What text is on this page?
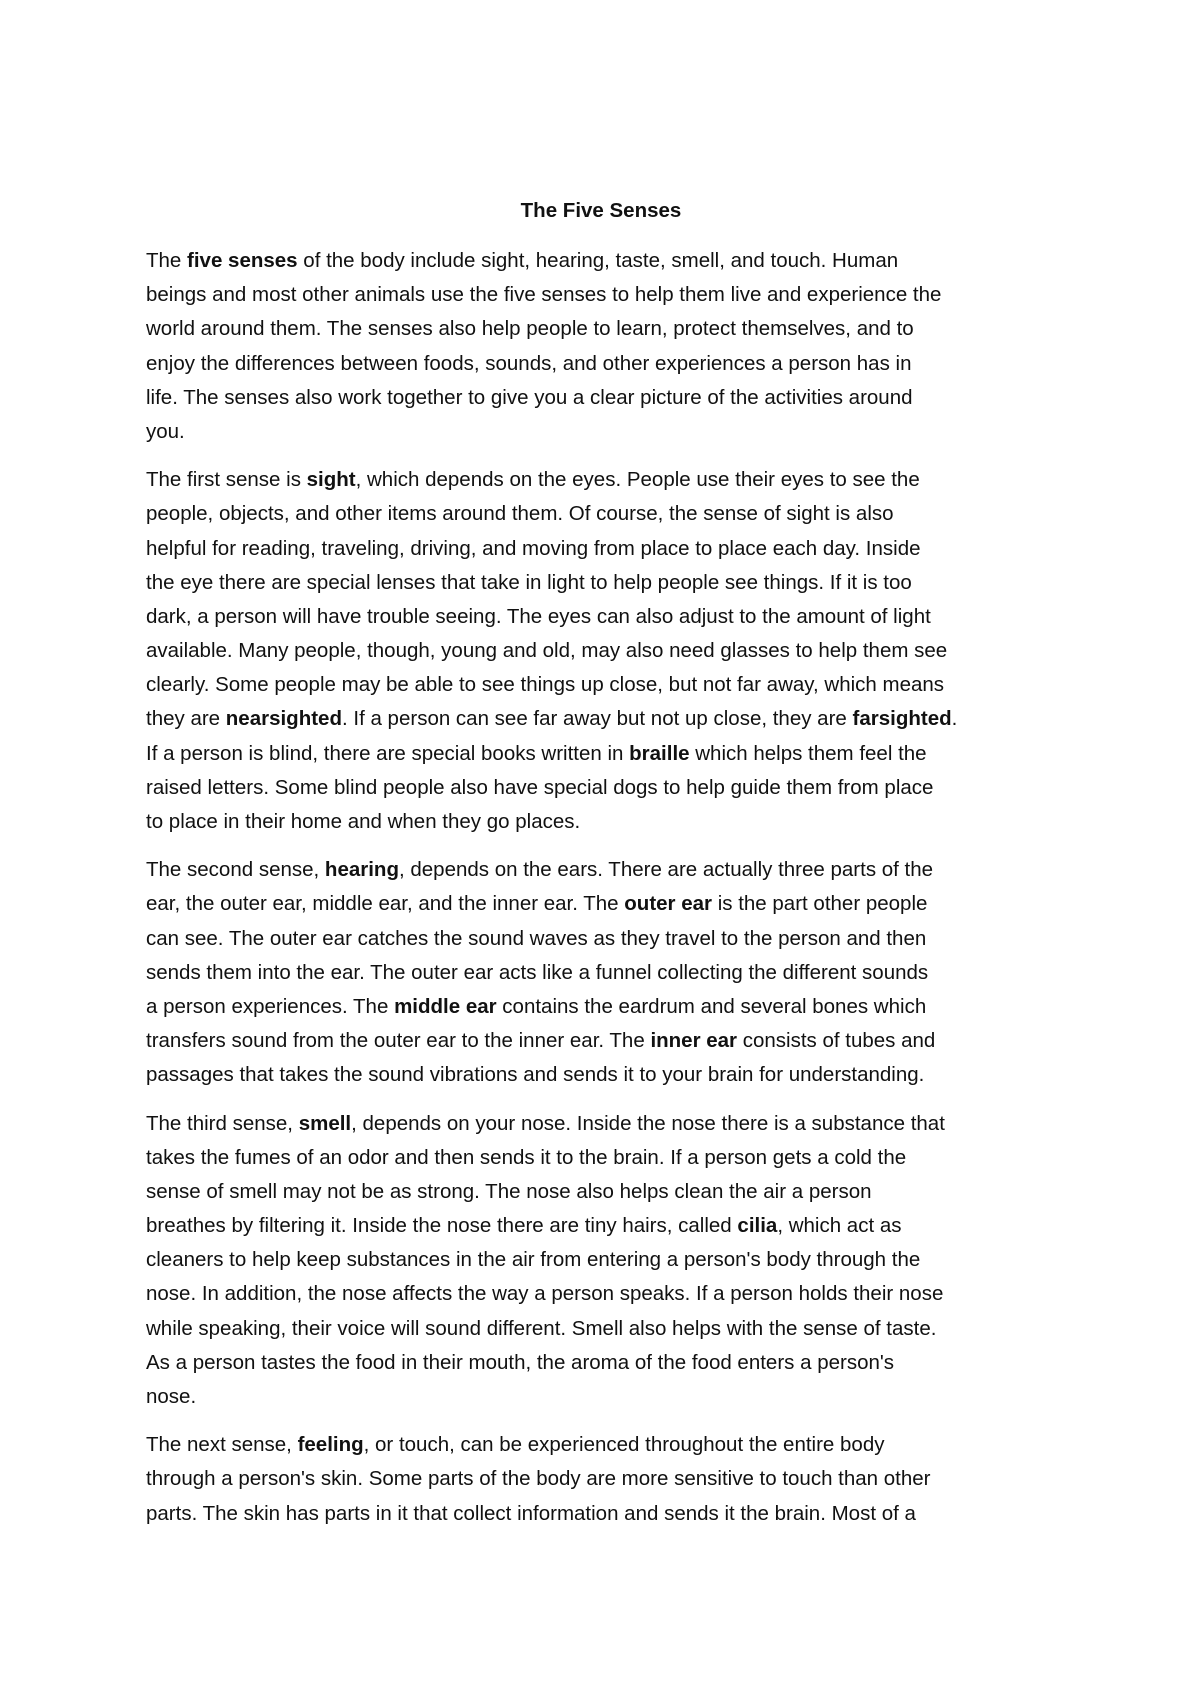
The Five Senses
The five senses of the body include sight, hearing, taste, smell, and touch. Human
beings and most other animals use the five senses to help them live and experience the
world around them. The senses also help people to learn, protect themselves, and to
enjoy the differences between foods, sounds, and other experiences a person has in
life. The senses also work together to give you a clear picture of the activities around
you.
The first sense is sight, which depends on the eyes. People use their eyes to see the
people, objects, and other items around them. Of course, the sense of sight is also
helpful for reading, traveling, driving, and moving from place to place each day. Inside
the eye there are special lenses that take in light to help people see things. If it is too
dark, a person will have trouble seeing. The eyes can also adjust to the amount of light
available. Many people, though, young and old, may also need glasses to help them see
clearly. Some people may be able to see things up close, but not far away, which means
they are nearsighted. If a person can see far away but not up close, they are farsighted.
If a person is blind, there are special books written in braille which helps them feel the
raised letters. Some blind people also have special dogs to help guide them from place
to place in their home and when they go places.
The second sense, hearing, depends on the ears. There are actually three parts of the
ear, the outer ear, middle ear, and the inner ear. The outer ear is the part other people
can see. The outer ear catches the sound waves as they travel to the person and then
sends them into the ear. The outer ear acts like a funnel collecting the different sounds
a person experiences. The middle ear contains the eardrum and several bones which
transfers sound from the outer ear to the inner ear. The inner ear consists of tubes and
passages that takes the sound vibrations and sends it to your brain for understanding.
The third sense, smell, depends on your nose. Inside the nose there is a substance that
takes the fumes of an odor and then sends it to the brain. If a person gets a cold the
sense of smell may not be as strong. The nose also helps clean the air a person
breathes by filtering it. Inside the nose there are tiny hairs, called cilia, which act as
cleaners to help keep substances in the air from entering a person's body through the
nose. In addition, the nose affects the way a person speaks. If a person holds their nose
while speaking, their voice will sound different. Smell also helps with the sense of taste.
As a person tastes the food in their mouth, the aroma of the food enters a person's
nose.
The next sense, feeling, or touch, can be experienced throughout the entire body
through a person's skin. Some parts of the body are more sensitive to touch than other
parts. The skin has parts in it that collect information and sends it the brain. Most of a
